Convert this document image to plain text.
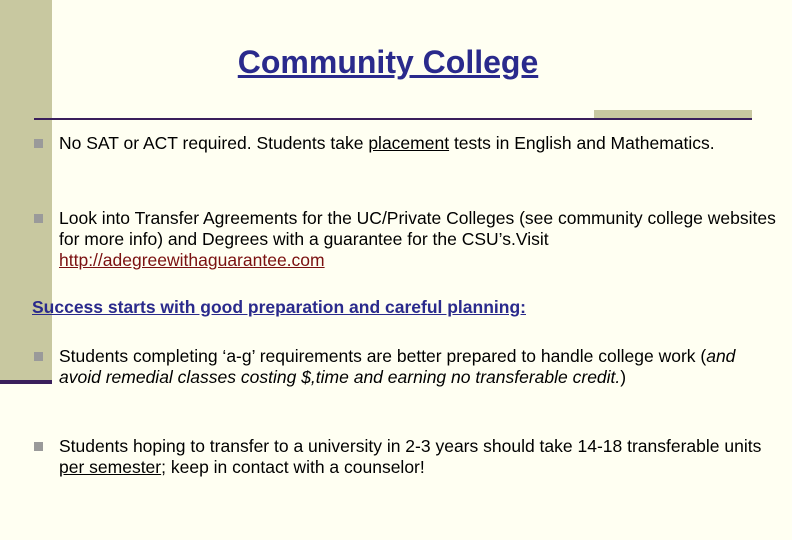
Community College
No SAT or ACT required. Students take placement tests in English and Mathematics.
Look into Transfer Agreements for the UC/Private Colleges (see community college websites for more info) and Degrees with a guarantee for the CSU’s.Visit http://adegreewithaguarantee.com
Success starts with good preparation and careful planning:
Students completing ‘a-g’ requirements are better prepared to handle college work (and avoid remedial classes costing $,time and earning no transferable credit.)
Students hoping to transfer to a university in 2-3 years should take 14-18 transferable units per semester; keep in contact with a counselor!
